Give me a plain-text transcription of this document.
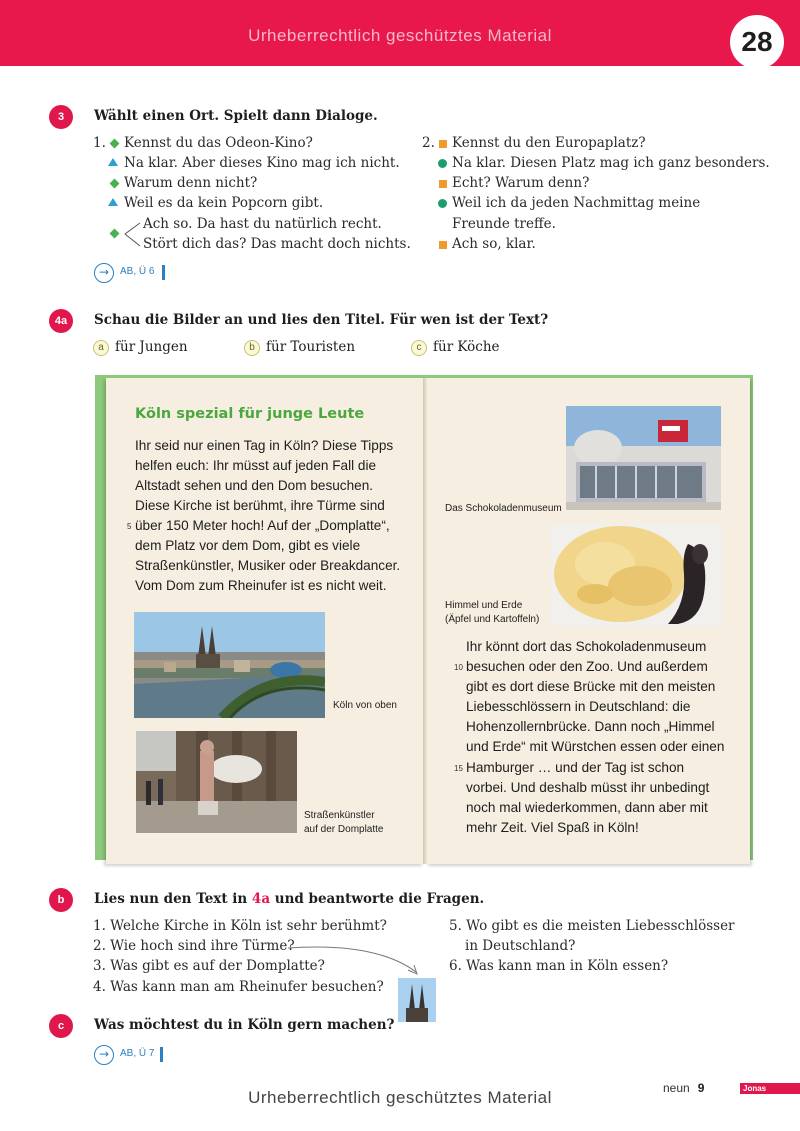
Urheberrechtlich geschütztes Material	28
3	Wählt einen Ort. Spielt dann Dialoge.
1. Kennst du das Odeon-Kino?
Na klar. Aber dieses Kino mag ich nicht.
Warum denn nicht?
Weil es da kein Popcorn gibt.
Ach so. Da hast du natürlich recht.
Stört dich das? Das macht doch nichts.
2. Kennst du den Europaplatz?
Na klar. Diesen Platz mag ich ganz besonders.
Echt? Warum denn?
Weil ich da jeden Nachmittag meine
Freunde treffe.
Ach so, klar.
→	AB, Ü 6
4a	Schau die Bilder an und lies den Titel. Für wen ist der Text?
a für Jungen	b für Touristen	c für Köche
Köln spezial für junge Leute
Ihr seid nur einen Tag in Köln? Diese Tipps
helfen euch: Ihr müsst auf jeden Fall die
Altstadt sehen und den Dom besuchen.
Diese Kirche ist berühmt, ihre Türme sind
5 über 150 Meter hoch! Auf der „Domplatte“,
dem Platz vor dem Dom, gibt es viele
Straßenkünstler, Musiker oder Breakdancer.
Vom Dom zum Rheinufer ist es nicht weit.
Köln von oben
Straßenkünstler
auf der Domplatte
Das Schokoladenmuseum
Himmel und Erde
(Äpfel und Kartoffeln)
Ihr könnt dort das Schokoladenmuseum
10 besuchen oder den Zoo. Und außerdem
gibt es dort diese Brücke mit den meisten
Liebesschlössern in Deutschland: die
Hohenzollernbrücke. Dann noch „Himmel
und Erde“ mit Würstchen essen oder einen
15 Hamburger … und der Tag ist schon
vorbei. Und deshalb müsst ihr unbedingt
noch mal wiederkommen, dann aber mit
mehr Zeit. Viel Spaß in Köln!
b	Lies nun den Text in 4a und beantworte die Fragen.
1. Welche Kirche in Köln ist sehr berühmt?
2. Wie hoch sind ihre Türme?
3. Was gibt es auf der Domplatte?
4. Was kann man am Rheinufer besuchen?
5. Wo gibt es die meisten Liebesschlösser
in Deutschland?
6. Was kann man in Köln essen?
c	Was möchtest du in Köln gern machen?
→	AB, Ü 7
Urheberrechtlich geschütztes Material	neun 9	Jonas
